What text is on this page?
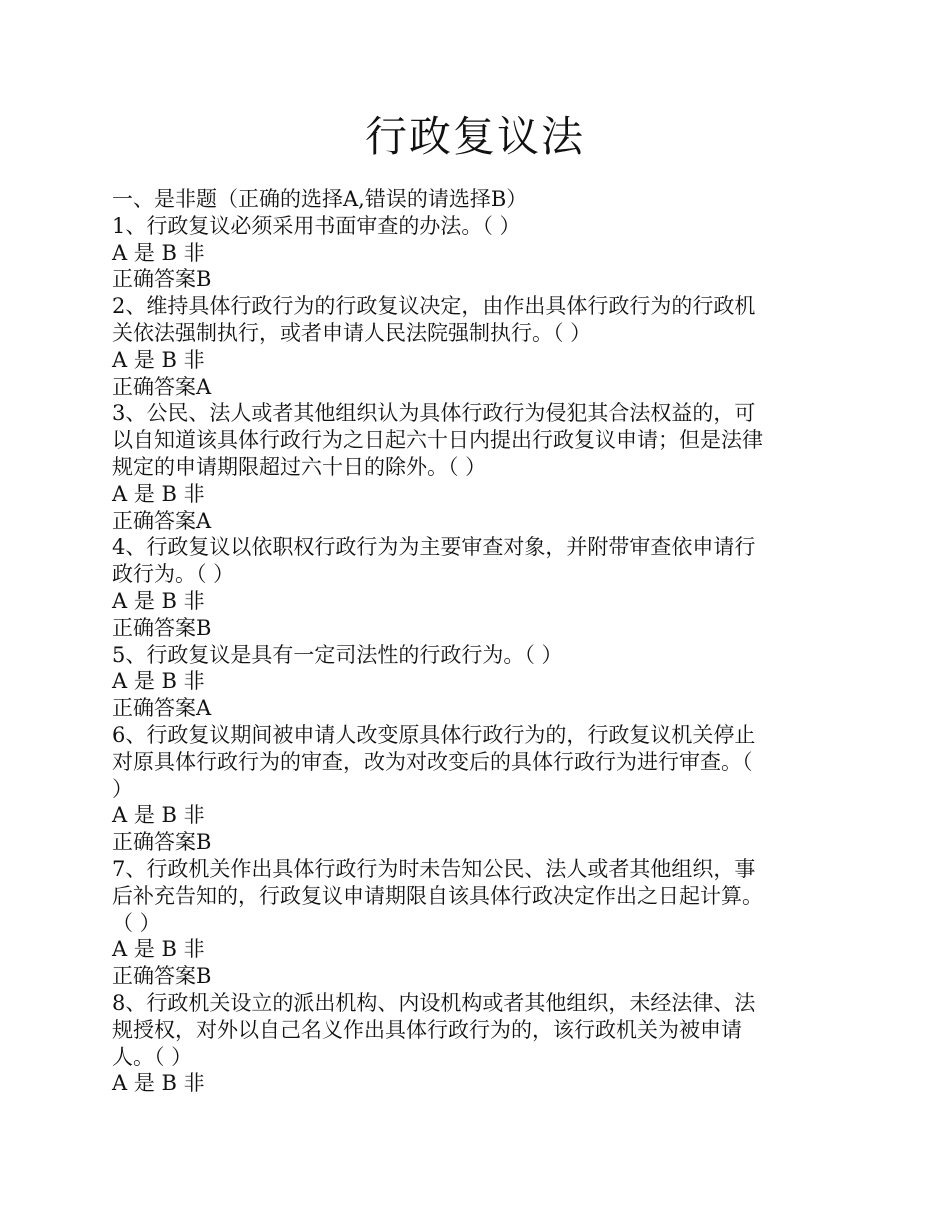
行政复议法
一、是非题（正确的选择A,错误的请选择B）
1、行政复议必须采用书面审查的办法。（ ）
A 是 B 非
正确答案B
2、维持具体行政行为的行政复议决定，由作出具体行政行为的行政机
关依法强制执行，或者申请人民法院强制执行。（ ）
A 是 B 非
正确答案A
3、公民、法人或者其他组织认为具体行政行为侵犯其合法权益的，可
以自知道该具体行政行为之日起六十日内提出行政复议申请；但是法律
规定的申请期限超过六十日的除外。（ ）
A 是 B 非
正确答案A
4、行政复议以依职权行政行为为主要审查对象，并附带审查依申请行
政行为。（ ）
A 是 B 非
正确答案B
5、行政复议是具有一定司法性的行政行为。（ ）
A 是 B 非
正确答案A
6、行政复议期间被申请人改变原具体行政行为的，行政复议机关停止
对原具体行政行为的审查，改为对改变后的具体行政行为进行审查。（
）
A 是 B 非
正确答案B
7、行政机关作出具体行政行为时未告知公民、法人或者其他组织，事
后补充告知的，行政复议申请期限自该具体行政决定作出之日起计算。
（ ）
A 是 B 非
正确答案B
8、行政机关设立的派出机构、内设机构或者其他组织，未经法律、法
规授权，对外以自己名义作出具体行政行为的，该行政机关为被申请
人。（ ）
A 是 B 非
